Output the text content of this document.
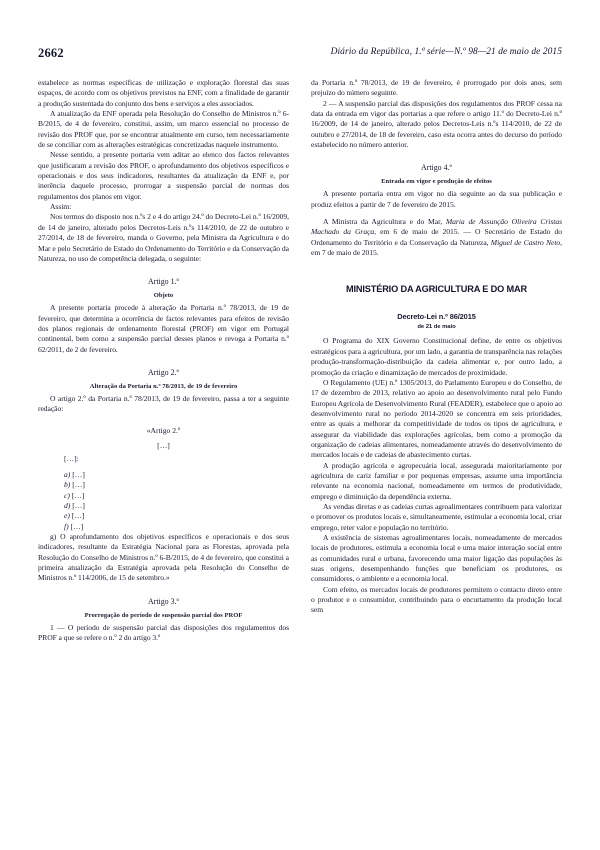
2662	Diário da República, 1.ª série—N.º 98—21 de maio de 2015

estabelece as normas específicas de utilização e exploração florestal das suas espaços, de acordo com os objetivos previstos na ENF, com a finalidade de garantir a produção sustentada do conjunto dos bens e serviços a eles associados.

A atualização da ENF operada pela Resolução do Conselho de Ministros n.º 6-B/2015, de 4 de fevereiro, constitui, assim, um marco essencial no processo de revisão dos PROF que, por se encontrar atualmente em curso, tem necessariamente de se conciliar com as alterações estratégicas concretizadas naquele instrumento.

Nesse sentido, a presente portaria vem aditar ao elenco dos factos relevantes que justificaram a revisão dos PROF, o aprofundamento dos objetivos específicos e operacionais e dos seus indicadores, resultantes da atualização da ENF e, por inerência daquele processo, prorrogar a suspensão parcial de normas dos regulamentos dos planos em vigor.

Assim:

Nos termos do disposto nos n.ºs 2 e 4 do artigo 24.º do Decreto-Lei n.º 16/2009, de 14 de janeiro, alterado pelos Decretos-Leis n.ºs 114/2010, de 22 de outubro e 27/2014, de 18 de fevereiro, manda o Governo, pela Ministra da Agricultura e do Mar e pelo Secretário de Estado do Ordenamento do Território e da Conservação da Natureza, no uso de competência delegada, o seguinte:

Artigo 1.º

Objeto

A presente portaria procede à alteração da Portaria n.º 78/2013, de 19 de fevereiro, que determina a ocorrência de factos relevantes para efeitos de revisão dos planos regionais de ordenamento florestal (PROF) em vigor em Portugal continental, bem como a suspensão parcial desses planos e revoga a Portaria n.º 62/2011, de 2 de fevereiro.

Artigo 2.º

Alteração da Portaria n.º 78/2013, de 19 de fevereiro

O artigo 2.º da Portaria n.º 78/2013, de 19 de fevereiro, passa a ter a seguinte redação:

«Artigo 2.º

[…]

[…]:

a) […]

b) […]

c) […]

d) […]

e) […]

f) […]

g) O aprofundamento dos objetivos específicos e operacionais e dos seus indicadores, resultante da Estratégia Nacional para as Florestas, aprovada pela Resolução do Conselho de Ministros n.º 6-B/2015, de 4 de fevereiro, que constitui a primeira atualização da Estratégia aprovada pela Resolução do Conselho de Ministros n.º 114/2006, de 15 de setembro.»

Artigo 3.º

Prorrogação do período de suspensão parcial dos PROF

1 — O período de suspensão parcial das disposições dos regulamentos dos PROF a que se refere o n.º 2 do artigo 3.º

da Portaria n.º 78/2013, de 19 de fevereiro, é prorrogado por dois anos, sem prejuízo do número seguinte.

2 — A suspensão parcial das disposições dos regulamentos dos PROF cessa na data da entrada em vigor das portarias a que refere o artigo 11.º do Decreto-Lei n.º 16/2009, de 14 de janeiro, alterado pelos Decretos-Leis n.ºs 114/2010, de 22 de outubro e 27/2014, de 18 de fevereiro, caso esta ocorra antes do decurso do período estabelecido no número anterior.

Artigo 4.º

Entrada em vigor e produção de efeitos

A presente portaria entra em vigor no dia seguinte ao da sua publicação e produz efeitos a partir de 7 de fevereiro de 2015.

A Ministra da Agricultura e do Mar, Maria de Assunção Oliveira Cristas Machado da Graça, em 6 de maio de 2015. — O Secretário de Estado do Ordenamento do Território e da Conservação da Natureza, Miguel de Castro Neto, em 7 de maio de 2015.

MINISTÉRIO DA AGRICULTURA E DO MAR

Decreto-Lei n.º 86/2015

de 21 de maio

O Programa do XIX Governo Constitucional define, de entre os objetivos estratégicos para a agricultura, por um lado, a garantia de transparência nas relações produção-transformação-distribuição da cadeia alimentar e, por outro lado, a promoção da criação e dinamização de mercados de proximidade.

O Regulamento (UE) n.º 1305/2013, do Parlamento Europeu e do Conselho, de 17 de dezembro de 2013, relativo ao apoio ao desenvolvimento rural pelo Fundo Europeu Agrícola de Desenvolvimento Rural (FEADER), estabelece que o apoio ao desenvolvimento rural no período 2014-2020 se concentra em seis prioridades, entre as quais a melhorar da competitividade de todos os tipos de agricultura, e assegurar da viabilidade das explorações agrícolas, bem como a promoção da organização de cadeias alimentares, nomeadamente através do desenvolvimento de mercados locais e de cadeias de abastecimento curtas.

A produção agrícola e agropecuária local, assegurada maioritariamente por agricultura de cariz familiar e por pequenas empresas, assume uma importância relevante na economia nacional, nomeadamente em termos de produtividade, emprego e diminuição da dependência externa.

As vendas diretas e as cadeias curtas agroalimentares contribuem para valorizar e promover os produtos locais e, simultaneamente, estimular a economia local, criar emprego, reter valor e população no território.

A existência de sistemas agroalimentares locais, nomeadamente de mercados locais de produtores, estimula a economia local e uma maior interação social entre as comunidades rural e urbana, favorecendo uma maior ligação das populações às suas origens, desempenhando funções que beneficiam os produtores, os consumidores, o ambiente e a economia local.

Com efeito, os mercados locais de produtores permitem o contacto direto entre o produtor e o consumidor, contribuindo para o encurtamento da produção local sem
